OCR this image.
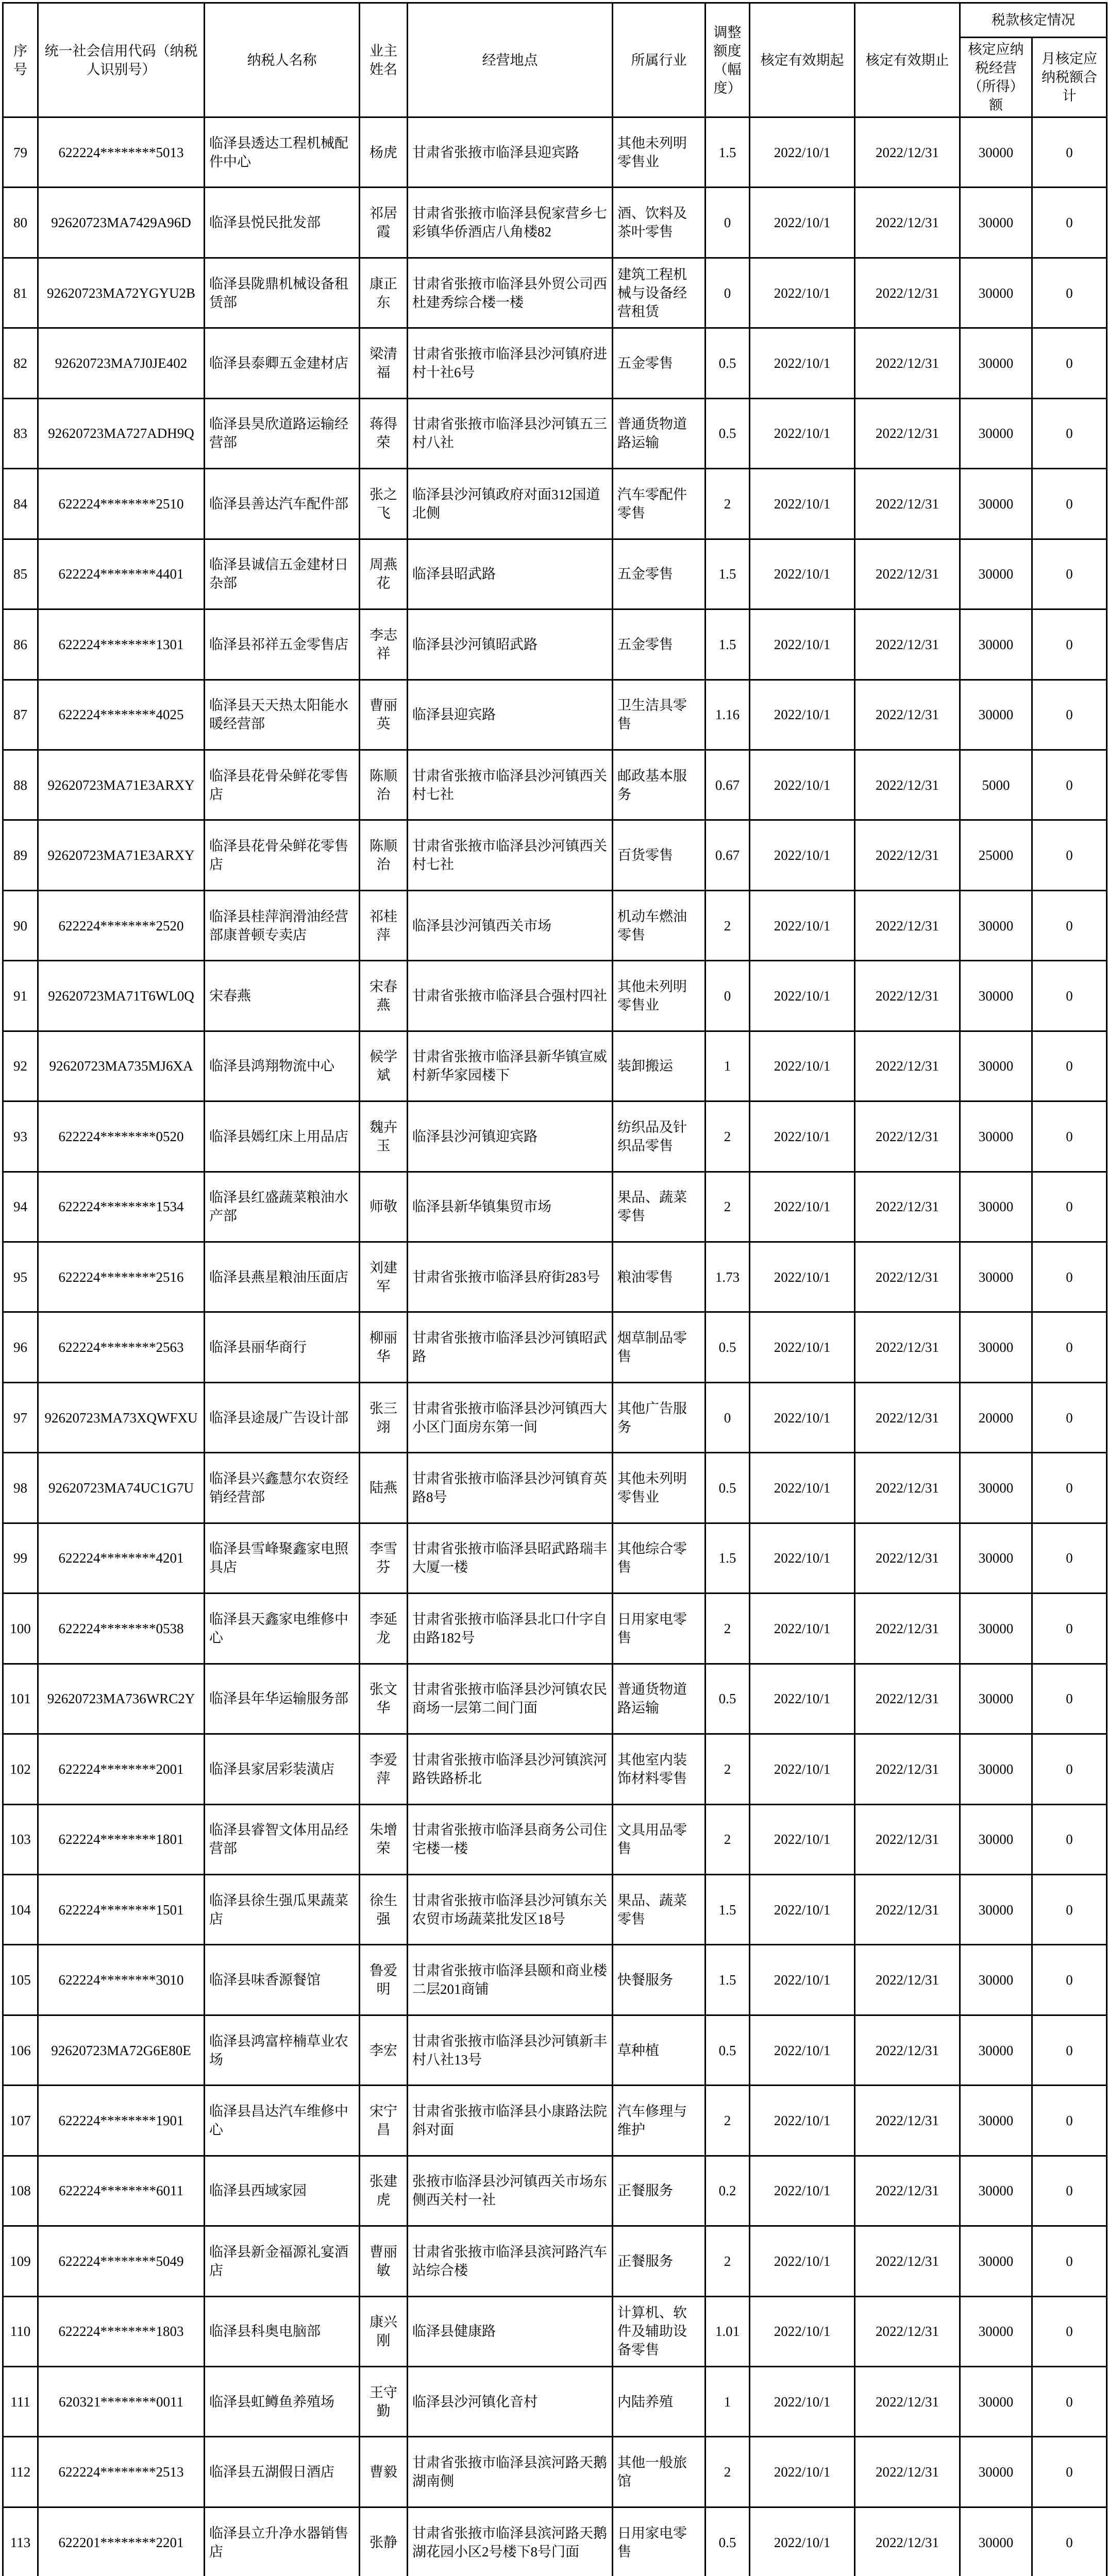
序号	统一社会信用代码（纳税人识别号）	纳税人名称	业主姓名	经营地点	所属行业	调整额度（幅度）	核定有效期起	核定有效期止	税款核定情况	
									核定应纳税经营（所得）额	月核定应纳税额合计
79	622224********5013	临泽县透达工程机械配件中心	杨虎	甘肃省张掖市临泽县迎宾路	其他未列明零售业	1.5	2022/10/1	2022/12/31	30000	0
80	92620723MA7429A96D	临泽县悦民批发部	祁居霞	甘肃省张掖市临泽县倪家营乡七彩镇华侨酒店八角楼82	酒、饮料及茶叶零售	0	2022/10/1	2022/12/31	30000	0
81	92620723MA72YGYU2B	临泽县陇鼎机械设备租赁部	康正东	甘肃省张掖市临泽县外贸公司西杜建秀综合楼一楼	建筑工程机械与设备经营租赁	0	2022/10/1	2022/12/31	30000	0
82	92620723MA7J0JE402	临泽县泰卿五金建材店	梁清福	甘肃省张掖市临泽县沙河镇府进村十社6号	五金零售	0.5	2022/10/1	2022/12/31	30000	0
83	92620723MA727ADH9Q	临泽县昊欣道路运输经营部	蒋得荣	甘肃省张掖市临泽县沙河镇五三村八社	普通货物道路运输	0.5	2022/10/1	2022/12/31	30000	0
84	622224********2510	临泽县善达汽车配件部	张之飞	临泽县沙河镇政府对面312国道北侧	汽车零配件零售	2	2022/10/1	2022/12/31	30000	0
85	622224********4401	临泽县诚信五金建材日杂部	周燕花	临泽县昭武路	五金零售	1.5	2022/10/1	2022/12/31	30000	0
86	622224********1301	临泽县祁祥五金零售店	李志祥	临泽县沙河镇昭武路	五金零售	1.5	2022/10/1	2022/12/31	30000	0
87	622224********4025	临泽县天天热太阳能水暖经营部	曹丽英	临泽县迎宾路	卫生洁具零售	1.16	2022/10/1	2022/12/31	30000	0
88	92620723MA71E3ARXY	临泽县花骨朵鲜花零售店	陈顺治	甘肃省张掖市临泽县沙河镇西关村七社	邮政基本服务	0.67	2022/10/1	2022/12/31	5000	0
89	92620723MA71E3ARXY	临泽县花骨朵鲜花零售店	陈顺治	甘肃省张掖市临泽县沙河镇西关村七社	百货零售	0.67	2022/10/1	2022/12/31	25000	0
90	622224********2520	临泽县桂萍润滑油经营部康普顿专卖店	祁桂萍	临泽县沙河镇西关市场	机动车燃油零售	2	2022/10/1	2022/12/31	30000	0
91	92620723MA71T6WL0Q	宋春燕	宋春燕	甘肃省张掖市临泽县合强村四社	其他未列明零售业	0	2022/10/1	2022/12/31	30000	0
92	92620723MA735MJ6XA	临泽县鸿翔物流中心	候学斌	甘肃省张掖市临泽县新华镇宣威村新华家园楼下	装卸搬运	1	2022/10/1	2022/12/31	30000	0
93	622224********0520	临泽县嫣红床上用品店	魏卉玉	临泽县沙河镇迎宾路	纺织品及针织品零售	2	2022/10/1	2022/12/31	30000	0
94	622224********1534	临泽县红盛蔬菜粮油水产部	师敬	临泽县新华镇集贸市场	果品、蔬菜零售	2	2022/10/1	2022/12/31	30000	0
95	622224********2516	临泽县燕星粮油压面店	刘建军	甘肃省张掖市临泽县府街283号	粮油零售	1.73	2022/10/1	2022/12/31	30000	0
96	622224********2563	临泽县丽华商行	柳丽华	甘肃省张掖市临泽县沙河镇昭武路	烟草制品零售	0.5	2022/10/1	2022/12/31	30000	0
97	92620723MA73XQWFXU	临泽县途晟广告设计部	张三翊	甘肃省张掖市临泽县沙河镇西大小区门面房东第一间	其他广告服务	0	2022/10/1	2022/12/31	20000	0
98	92620723MA74UC1G7U	临泽县兴鑫慧尔农资经销经营部	陆燕	甘肃省张掖市临泽县沙河镇育英路8号	其他未列明零售业	0.5	2022/10/1	2022/12/31	30000	0
99	622224********4201	临泽县雪峰聚鑫家电照具店	李雪芬	甘肃省张掖市临泽县昭武路瑞丰大厦一楼	其他综合零售	1.5	2022/10/1	2022/12/31	30000	0
100	622224********0538	临泽县天鑫家电维修中心	李延龙	甘肃省张掖市临泽县北口什字自由路182号	日用家电零售	2	2022/10/1	2022/12/31	30000	0
101	92620723MA736WRC2Y	临泽县年华运输服务部	张文华	甘肃省张掖市临泽县沙河镇农民商场一层第二间门面	普通货物道路运输	0.5	2022/10/1	2022/12/31	30000	0
102	622224********2001	临泽县家居彩装潢店	李爱萍	甘肃省张掖市临泽县沙河镇滨河路铁路桥北	其他室内装饰材料零售	2	2022/10/1	2022/12/31	30000	0
103	622224********1801	临泽县睿智文体用品经营部	朱增荣	甘肃省张掖市临泽县商务公司住宅楼一楼	文具用品零售	2	2022/10/1	2022/12/31	30000	0
104	622224********1501	临泽县徐生强瓜果蔬菜店	徐生强	甘肃省张掖市临泽县沙河镇东关农贸市场蔬菜批发区18号	果品、蔬菜零售	1.5	2022/10/1	2022/12/31	30000	0
105	622224********3010	临泽县味香源餐馆	鲁爱明	甘肃省张掖市临泽县颐和商业楼二层201商铺	快餐服务	1.5	2022/10/1	2022/12/31	30000	0
106	92620723MA72G6E80E	临泽县鸿富梓楠草业农场	李宏	甘肃省张掖市临泽县沙河镇新丰村八社13号	草种植	0.5	2022/10/1	2022/12/31	30000	0
107	622224********1901	临泽县昌达汽车维修中心	宋宁昌	甘肃省张掖市临泽县小康路法院斜对面	汽车修理与维护	2	2022/10/1	2022/12/31	30000	0
108	622224********6011	临泽县西域家园	张建虎	张掖市临泽县沙河镇西关市场东侧西关村一社	正餐服务	0.2	2022/10/1	2022/12/31	30000	0
109	622224********5049	临泽县新金福源礼宴酒店	曹丽敏	甘肃省张掖市临泽县滨河路汽车站综合楼	正餐服务	2	2022/10/1	2022/12/31	30000	0
110	622224********1803	临泽县科奥电脑部	康兴刚	临泽县健康路	计算机、软件及辅助设备零售	1.01	2022/10/1	2022/12/31	30000	0
111	620321********0011	临泽县虹鳟鱼养殖场	王守勤	临泽县沙河镇化音村	内陆养殖	1	2022/10/1	2022/12/31	30000	0
112	622224********2513	临泽县五湖假日酒店	曹毅	甘肃省张掖市临泽县滨河路天鹅湖南侧	其他一般旅馆	2	2022/10/1	2022/12/31	30000	0
113	622201********2201	临泽县立升净水器销售店	张静	甘肃省张掖市临泽县滨河路天鹅湖花园小区2号楼下8号门面	日用家电零售	0.5	2022/10/1	2022/12/31	30000	0
